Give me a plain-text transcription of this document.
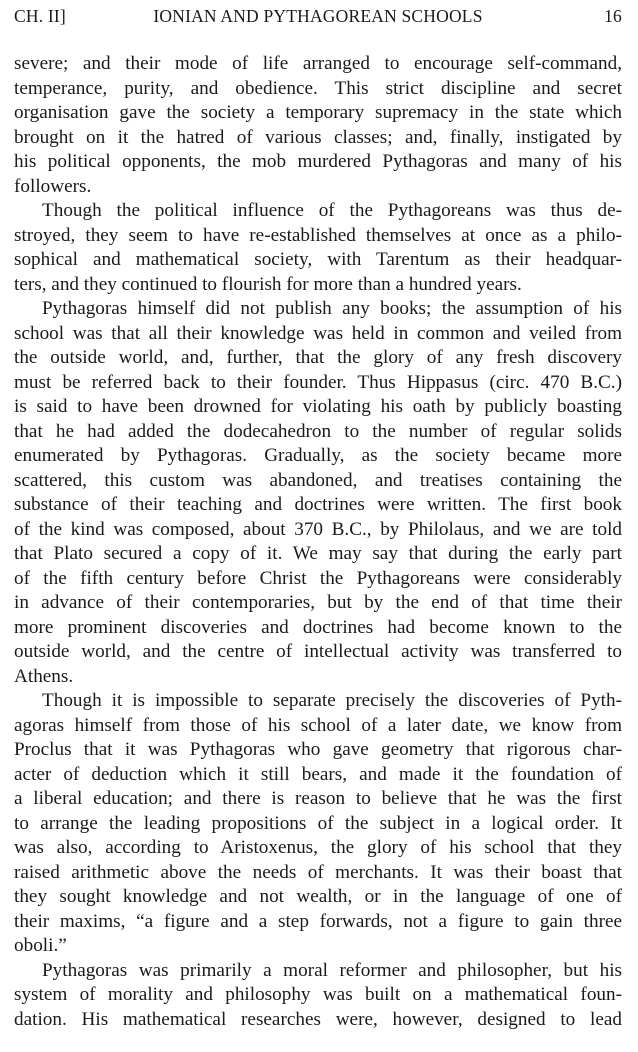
CH. II]	IONIAN AND PYTHAGOREAN SCHOOLS	16
severe; and their mode of life arranged to encourage self-command,
temperance, purity, and obedience. This strict discipline and secret
organisation gave the society a temporary supremacy in the state which
brought on it the hatred of various classes; and, finally, instigated by
his political opponents, the mob murdered Pythagoras and many of his
followers.
Though the political influence of the Pythagoreans was thus de-
stroyed, they seem to have re-established themselves at once as a philo-
sophical and mathematical society, with Tarentum as their headquar-
ters, and they continued to flourish for more than a hundred years.
Pythagoras himself did not publish any books; the assumption of his
school was that all their knowledge was held in common and veiled from
the outside world, and, further, that the glory of any fresh discovery
must be referred back to their founder. Thus Hippasus (circ. 470 B.C.)
is said to have been drowned for violating his oath by publicly boasting
that he had added the dodecahedron to the number of regular solids
enumerated by Pythagoras. Gradually, as the society became more
scattered, this custom was abandoned, and treatises containing the
substance of their teaching and doctrines were written. The first book
of the kind was composed, about 370 B.C., by Philolaus, and we are told
that Plato secured a copy of it. We may say that during the early part
of the fifth century before Christ the Pythagoreans were considerably
in advance of their contemporaries, but by the end of that time their
more prominent discoveries and doctrines had become known to the
outside world, and the centre of intellectual activity was transferred to
Athens.
Though it is impossible to separate precisely the discoveries of Pyth-
agoras himself from those of his school of a later date, we know from
Proclus that it was Pythagoras who gave geometry that rigorous char-
acter of deduction which it still bears, and made it the foundation of
a liberal education; and there is reason to believe that he was the first
to arrange the leading propositions of the subject in a logical order. It
was also, according to Aristoxenus, the glory of his school that they
raised arithmetic above the needs of merchants. It was their boast that
they sought knowledge and not wealth, or in the language of one of
their maxims, “a figure and a step forwards, not a figure to gain three
oboli.”
Pythagoras was primarily a moral reformer and philosopher, but his
system of morality and philosophy was built on a mathematical foun-
dation. His mathematical researches were, however, designed to lead
